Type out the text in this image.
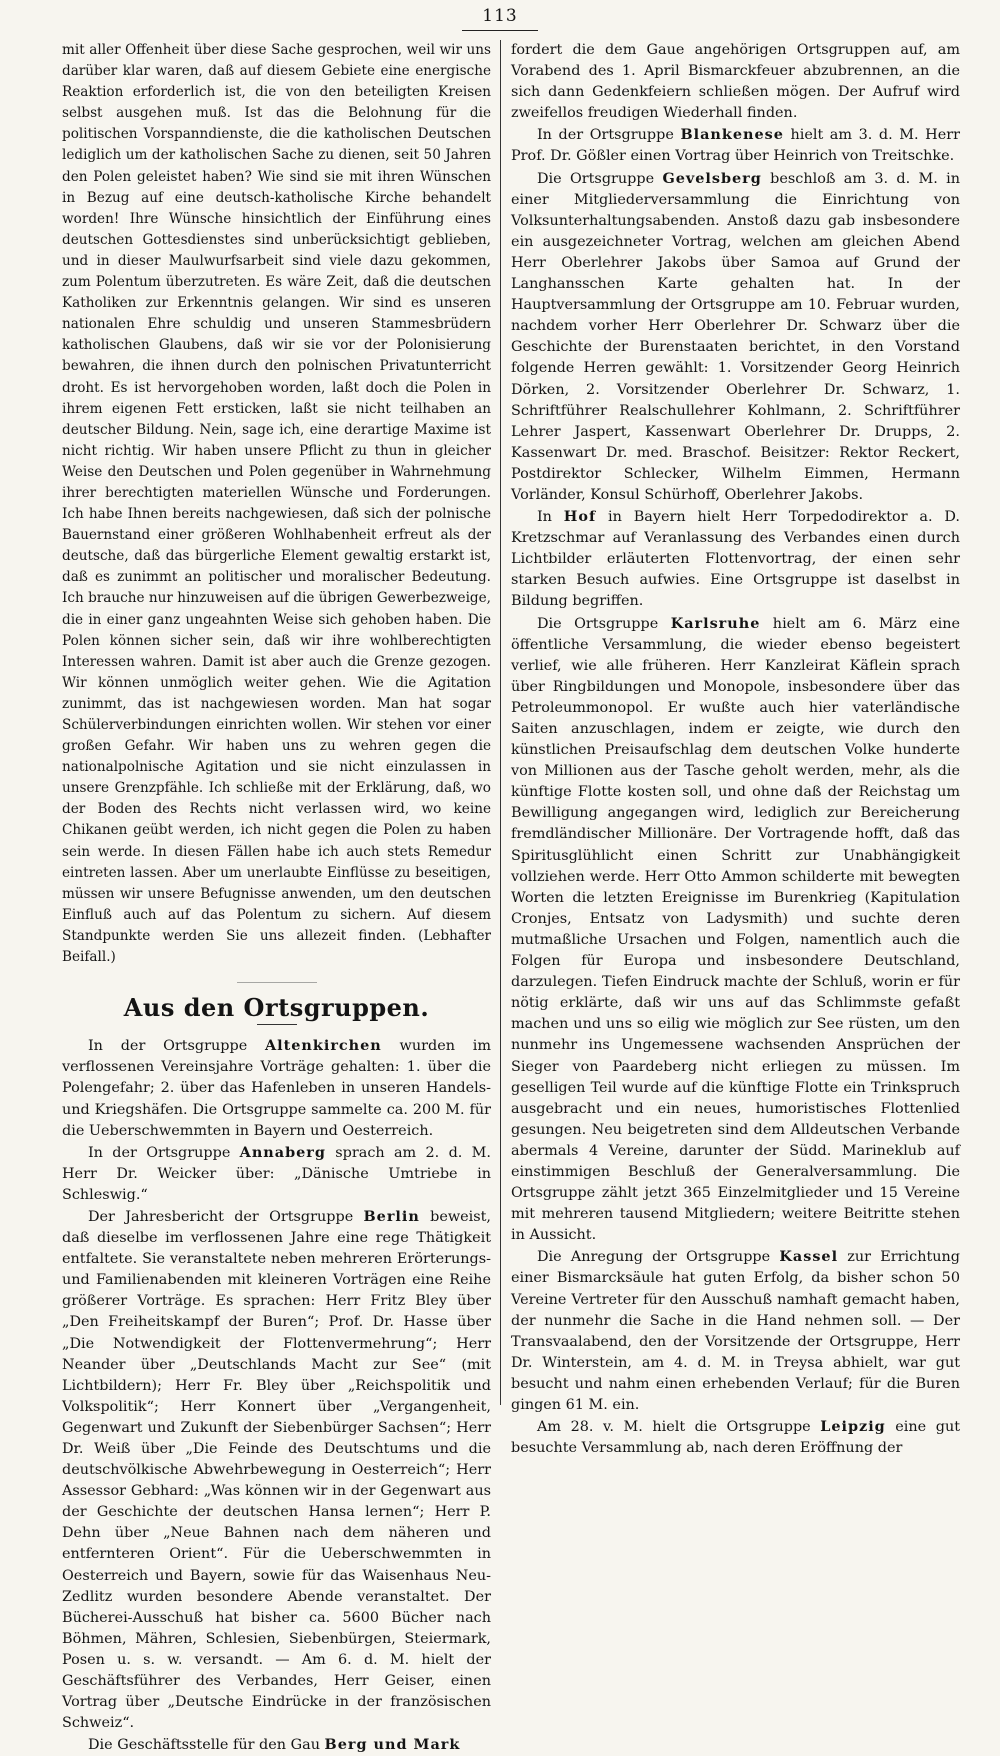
113

mit aller Offenheit über diese Sache gesprochen, weil wir uns darüber klar waren, daß auf diesem Gebiete eine energische Reaktion erforderlich ist, die von den beteiligten Kreisen selbst ausgehen muß. Ist das die Belohnung für die politischen Vorspanndienste, die die katholischen Deutschen lediglich um der katholischen Sache zu dienen, seit 50 Jahren den Polen geleistet haben? Wie sind sie mit ihren Wünschen in Bezug auf eine deutsch-katholische Kirche behandelt worden! Ihre Wünsche hinsichtlich der Einführung eines deutschen Gottesdienstes sind unberücksichtigt geblieben, und in dieser Maulwurfsarbeit sind viele dazu gekommen, zum Polentum überzutreten. Es wäre Zeit, daß die deutschen Katholiken zur Erkenntnis gelangen. Wir sind es unseren nationalen Ehre schuldig und unseren Stammesbrüdern katholischen Glaubens, daß wir sie vor der Polonisierung bewahren, die ihnen durch den polnischen Privatunterricht droht. Es ist hervorgehoben worden, laßt doch die Polen in ihrem eigenen Fett ersticken, laßt sie nicht teilhaben an deutscher Bildung. Nein, sage ich, eine derartige Maxime ist nicht richtig. Wir haben unsere Pflicht zu thun in gleicher Weise den Deutschen und Polen gegenüber in Wahrnehmung ihrer berechtigten materiellen Wünsche und Forderungen. Ich habe Ihnen bereits nachgewiesen, daß sich der polnische Bauernstand einer größeren Wohlhabenheit erfreut als der deutsche, daß das bürgerliche Element gewaltig erstarkt ist, daß es zunimmt an politischer und moralischer Bedeutung. Ich brauche nur hinzuweisen auf die übrigen Gewerbezweige, die in einer ganz ungeahnten Weise sich gehoben haben. Die Polen können sicher sein, daß wir ihre wohlberechtigten Interessen wahren. Damit ist aber auch die Grenze gezogen. Wir können unmöglich weiter gehen. Wie die Agitation zunimmt, das ist nachgewiesen worden. Man hat sogar Schülerverbindungen einrichten wollen. Wir stehen vor einer großen Gefahr. Wir haben uns zu wehren gegen die nationalpolnische Agitation und sie nicht einzulassen in unsere Grenzpfähle. Ich schließe mit der Erklärung, daß, wo der Boden des Rechts nicht verlassen wird, wo keine Chikanen geübt werden, ich nicht gegen die Polen zu haben sein werde. In diesen Fällen habe ich auch stets Remedur eintreten lassen. Aber um unerlaubte Einflüsse zu beseitigen, müssen wir unsere Befugnisse anwenden, um den deutschen Einfluß auch auf das Polentum zu sichern. Auf diesem Standpunkte werden Sie uns allezeit finden. (Lebhafter Beifall.)

Aus den Ortsgruppen.

In der Ortsgruppe Altenkirchen wurden im verflossenen Vereinsjahre Vorträge gehalten: 1. über die Polengefahr; 2. über das Hafenleben in unseren Handels- und Kriegshäfen. Die Ortsgruppe sammelte ca. 200 M. für die Ueberschwemmten in Bayern und Oesterreich.

In der Ortsgruppe Annaberg sprach am 2. d. M. Herr Dr. Weicker über: „Dänische Umtriebe in Schleswig.“

Der Jahresbericht der Ortsgruppe Berlin beweist, daß dieselbe im verflossenen Jahre eine rege Thätigkeit entfaltete. Sie veranstaltete neben mehreren Erörterungs- und Familienabenden mit kleineren Vorträgen eine Reihe größerer Vorträge. Es sprachen: Herr Fritz Bley über „Den Freiheitskampf der Buren“; Prof. Dr. Hasse über „Die Notwendigkeit der Flottenvermehrung“; Herr Neander über „Deutschlands Macht zur See“ (mit Lichtbildern); Herr Fr. Bley über „Reichspolitik und Volkspolitik“; Herr Konnert über „Vergangenheit, Gegenwart und Zukunft der Siebenbürger Sachsen“; Herr Dr. Weiß über „Die Feinde des Deutschtums und die deutschvölkische Abwehrbewegung in Oesterreich“; Herr Assessor Gebhard: „Was können wir in der Gegenwart aus der Geschichte der deutschen Hansa lernen“; Herr P. Dehn über „Neue Bahnen nach dem näheren und entfernteren Orient“. Für die Ueberschwemmten in Oesterreich und Bayern, sowie für das Waisenhaus Neu-Zedlitz wurden besondere Abende veranstaltet. Der Bücherei-Ausschuß hat bisher ca. 5600 Bücher nach Böhmen, Mähren, Schlesien, Siebenbürgen, Steiermark, Posen u. s. w. versandt. — Am 6. d. M. hielt der Geschäftsführer des Verbandes, Herr Geiser, einen Vortrag über „Deutsche Eindrücke in der französischen Schweiz“.

Die Geschäftsstelle für den Gau Berg und Mark

fordert die dem Gaue angehörigen Ortsgruppen auf, am Vorabend des 1. April Bismarckfeuer abzubrennen, an die sich dann Gedenkfeiern schließen mögen. Der Aufruf wird zweifellos freudigen Wiederhall finden.

In der Ortsgruppe Blankenese hielt am 3. d. M. Herr Prof. Dr. Gößler einen Vortrag über Heinrich von Treitschke.

Die Ortsgruppe Gevelsberg beschloß am 3. d. M. in einer Mitgliederversammlung die Einrichtung von Volksunterhaltungsabenden. Anstoß dazu gab insbesondere ein ausgezeichneter Vortrag, welchen am gleichen Abend Herr Oberlehrer Jakobs über Samoa auf Grund der Langhansschen Karte gehalten hat. In der Hauptversammlung der Ortsgruppe am 10. Februar wurden, nachdem vorher Herr Oberlehrer Dr. Schwarz über die Geschichte der Burenstaaten berichtet, in den Vorstand folgende Herren gewählt: 1. Vorsitzender Georg Heinrich Dörken, 2. Vorsitzender Oberlehrer Dr. Schwarz, 1. Schriftführer Realschullehrer Kohlmann, 2. Schriftführer Lehrer Jaspert, Kassenwart Oberlehrer Dr. Drupps, 2. Kassenwart Dr. med. Braschof. Beisitzer: Rektor Reckert, Postdirektor Schlecker, Wilhelm Eimmen, Hermann Vorländer, Konsul Schürhoff, Oberlehrer Jakobs.

In Hof in Bayern hielt Herr Torpedodirektor a. D. Kretzschmar auf Veranlassung des Verbandes einen durch Lichtbilder erläuterten Flottenvortrag, der einen sehr starken Besuch aufwies. Eine Ortsgruppe ist daselbst in Bildung begriffen.

Die Ortsgruppe Karlsruhe hielt am 6. März eine öffentliche Versammlung, die wieder ebenso begeistert verlief, wie alle früheren. Herr Kanzleirat Käflein sprach über Ringbildungen und Monopole, insbesondere über das Petroleummonopol. Er wußte auch hier vaterländische Saiten anzuschlagen, indem er zeigte, wie durch den künstlichen Preisaufschlag dem deutschen Volke hunderte von Millionen aus der Tasche geholt werden, mehr, als die künftige Flotte kosten soll, und ohne daß der Reichstag um Bewilligung angegangen wird, lediglich zur Bereicherung fremdländischer Millionäre. Der Vortragende hofft, daß das Spiritusglühlicht einen Schritt zur Unabhängigkeit vollziehen werde. Herr Otto Ammon schilderte mit bewegten Worten die letzten Ereignisse im Burenkrieg (Kapitulation Cronjes, Entsatz von Ladysmith) und suchte deren mutmaßliche Ursachen und Folgen, namentlich auch die Folgen für Europa und insbesondere Deutschland, darzulegen. Tiefen Eindruck machte der Schluß, worin er für nötig erklärte, daß wir uns auf das Schlimmste gefaßt machen und uns so eilig wie möglich zur See rüsten, um den nunmehr ins Ungemessene wachsenden Ansprüchen der Sieger von Paardeberg nicht erliegen zu müssen. Im geselligen Teil wurde auf die künftige Flotte ein Trinkspruch ausgebracht und ein neues, humoristisches Flottenlied gesungen. Neu beigetreten sind dem Alldeutschen Verbande abermals 4 Vereine, darunter der Südd. Marineklub auf einstimmigen Beschluß der Generalversammlung. Die Ortsgruppe zählt jetzt 365 Einzelmitglieder und 15 Vereine mit mehreren tausend Mitgliedern; weitere Beitritte stehen in Aussicht.

Die Anregung der Ortsgruppe Kassel zur Errichtung einer Bismarcksäule hat guten Erfolg, da bisher schon 50 Vereine Vertreter für den Ausschuß namhaft gemacht haben, der nunmehr die Sache in die Hand nehmen soll. — Der Transvaalabend, den der Vorsitzende der Ortsgruppe, Herr Dr. Winterstein, am 4. d. M. in Treysa abhielt, war gut besucht und nahm einen erhebenden Verlauf; für die Buren gingen 61 M. ein.

Am 28. v. M. hielt die Ortsgruppe Leipzig eine gut besuchte Versammlung ab, nach deren Eröffnung der
